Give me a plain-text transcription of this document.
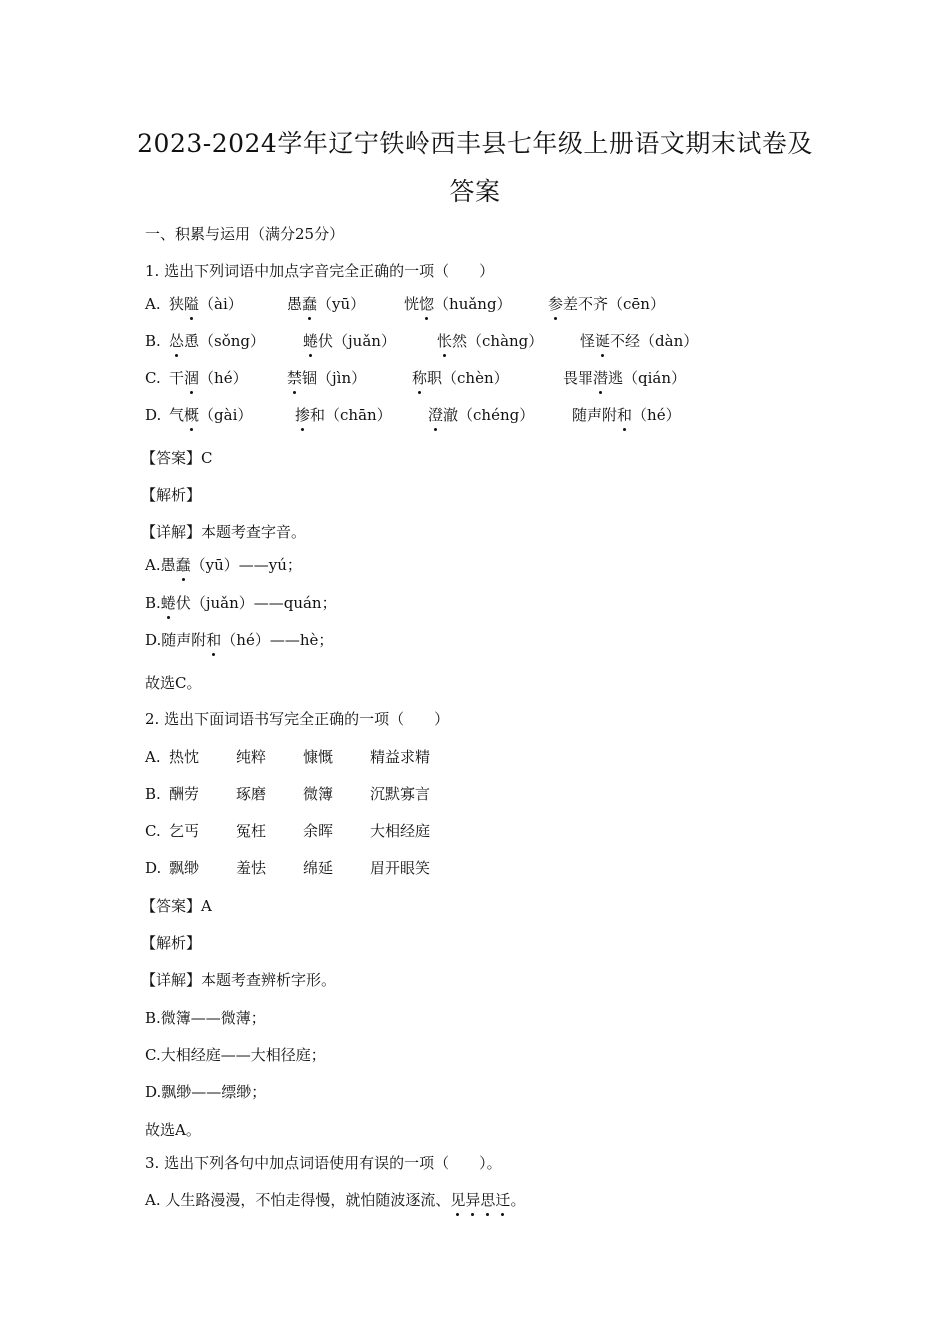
2023-2024学年辽宁铁岭西丰县七年级上册语文期末试卷及
答案
一、积累与运用（满分25分）
1. 选出下列词语中加点字音完全正确的一项（　　）
A. 狭隘（ài）	愚蠢（yū）	恍惚（huǎng） 参差不齐（cēn）
B. 怂恿（sǒng）	蜷伏（juǎn）	怅然（chàng） 怪诞不经（dàn）
C. 干涸（hé）	禁锢（jìn）	称职（chèn）	畏罪潜逃（qián）
D. 气概（gài）	掺和（chān） 澄澈（chéng）	随声附和（hé）
【答案】C
【解析】
【详解】本题考查字音。
A.愚蠢（yū）——yú；
B.蜷伏（juǎn）——quán；
D.随声附和（hé）——hè；
故选C。
2. 选出下面词语书写完全正确的一项（　　）
A. 热忱 纯粹 慷慨 精益求精
B. 酬劳 琢磨 微簿 沉默寡言
C. 乞丐 冤枉 余晖 大相经庭
D. 飘缈 羞怯 绵延 眉开眼笑
【答案】A
【解析】
【详解】本题考查辨析字形。
B.微簿——微薄；
C.大相经庭——大相径庭；
D.飘缈——缥缈；
故选A。
3. 选出下列各句中加点词语使用有误的一项（　　）。
A. 人生路漫漫，不怕走得慢，就怕随波逐流、见异思迁。
